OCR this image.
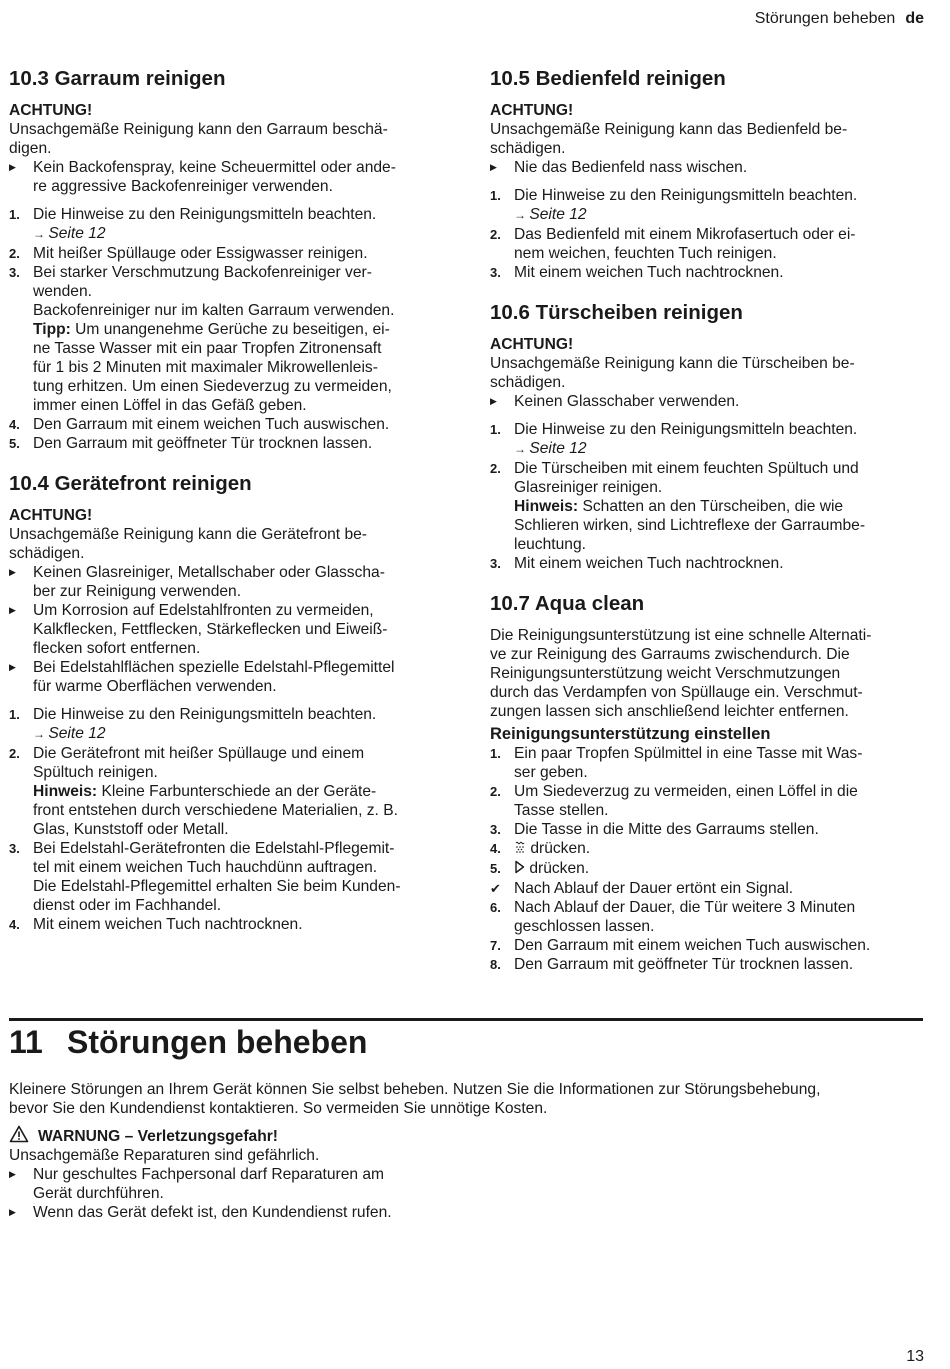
Störungen beheben de
10.3 Garraum reinigen
ACHTUNG!
Unsachgemäße Reinigung kann den Garraum beschä-
digen.
▶ Kein Backofenspray, keine Scheuermittel oder ande-
re aggressive Backofenreiniger verwenden.
1. Die Hinweise zu den Reinigungsmitteln beachten.
→ Seite 12
2. Mit heißer Spüllauge oder Essigwasser reinigen.
3. Bei starker Verschmutzung Backofenreiniger ver-
wenden.
Backofenreiniger nur im kalten Garraum verwenden.
Tipp: Um unangenehme Gerüche zu beseitigen, ei-
ne Tasse Wasser mit ein paar Tropfen Zitronensaft
für 1 bis 2 Minuten mit maximaler Mikrowellenleis-
tung erhitzen. Um einen Siedeverzug zu vermeiden,
immer einen Löffel in das Gefäß geben.
4. Den Garraum mit einem weichen Tuch auswischen.
5. Den Garraum mit geöffneter Tür trocknen lassen.
10.4 Gerätefront reinigen
ACHTUNG!
Unsachgemäße Reinigung kann die Gerätefront be-
schädigen.
▶ Keinen Glasreiniger, Metallschaber oder Glasscha-
ber zur Reinigung verwenden.
▶ Um Korrosion auf Edelstahlfronten zu vermeiden,
Kalkflecken, Fettflecken, Stärkeflecken und Eiweiß-
flecken sofort entfernen.
▶ Bei Edelstahlflächen spezielle Edelstahl-Pflegemittel
für warme Oberflächen verwenden.
1. Die Hinweise zu den Reinigungsmitteln beachten.
→ Seite 12
2. Die Gerätefront mit heißer Spüllauge und einem
Spültuch reinigen.
Hinweis: Kleine Farbunterschiede an der Geräte-
front entstehen durch verschiedene Materialien, z. B.
Glas, Kunststoff oder Metall.
3. Bei Edelstahl-Gerätefronten die Edelstahl-Pflegemit-
tel mit einem weichen Tuch hauchdünn auftragen.
Die Edelstahl-Pflegemittel erhalten Sie beim Kunden-
dienst oder im Fachhandel.
4. Mit einem weichen Tuch nachtrocknen.
10.5 Bedienfeld reinigen
ACHTUNG!
Unsachgemäße Reinigung kann das Bedienfeld be-
schädigen.
▶ Nie das Bedienfeld nass wischen.
1. Die Hinweise zu den Reinigungsmitteln beachten.
→ Seite 12
2. Das Bedienfeld mit einem Mikrofasertuch oder ei-
nem weichen, feuchten Tuch reinigen.
3. Mit einem weichen Tuch nachtrocknen.
10.6 Türscheiben reinigen
ACHTUNG!
Unsachgemäße Reinigung kann die Türscheiben be-
schädigen.
▶ Keinen Glasschaber verwenden.
1. Die Hinweise zu den Reinigungsmitteln beachten.
→ Seite 12
2. Die Türscheiben mit einem feuchten Spültuch und
Glasreiniger reinigen.
Hinweis: Schatten an den Türscheiben, die wie
Schlieren wirken, sind Lichtreflexe der Garraumbe-
leuchtung.
3. Mit einem weichen Tuch nachtrocknen.
10.7 Aqua clean
Die Reinigungsunterstützung ist eine schnelle Alternati-
ve zur Reinigung des Garraums zwischendurch. Die
Reinigungsunterstützung weicht Verschmutzungen
durch das Verdampfen von Spüllauge ein. Verschmut-
zungen lassen sich anschließend leichter entfernen.
Reinigungsunterstützung einstellen
1. Ein paar Tropfen Spülmittel in eine Tasse mit Was-
ser geben.
2. Um Siedeverzug zu vermeiden, einen Löffel in die
Tasse stellen.
3. Die Tasse in die Mitte des Garraums stellen.
4. drücken.
5. drücken.
✔ Nach Ablauf der Dauer ertönt ein Signal.
6. Nach Ablauf der Dauer, die Tür weitere 3 Minuten
geschlossen lassen.
7. Den Garraum mit einem weichen Tuch auswischen.
8. Den Garraum mit geöffneter Tür trocknen lassen.
11 Störungen beheben
Kleinere Störungen an Ihrem Gerät können Sie selbst beheben. Nutzen Sie die Informationen zur Störungsbehebung,
bevor Sie den Kundendienst kontaktieren. So vermeiden Sie unnötige Kosten.
WARNUNG – Verletzungsgefahr!
Unsachgemäße Reparaturen sind gefährlich.
▶ Nur geschultes Fachpersonal darf Reparaturen am
Gerät durchführen.
▶ Wenn das Gerät defekt ist, den Kundendienst rufen.
13
